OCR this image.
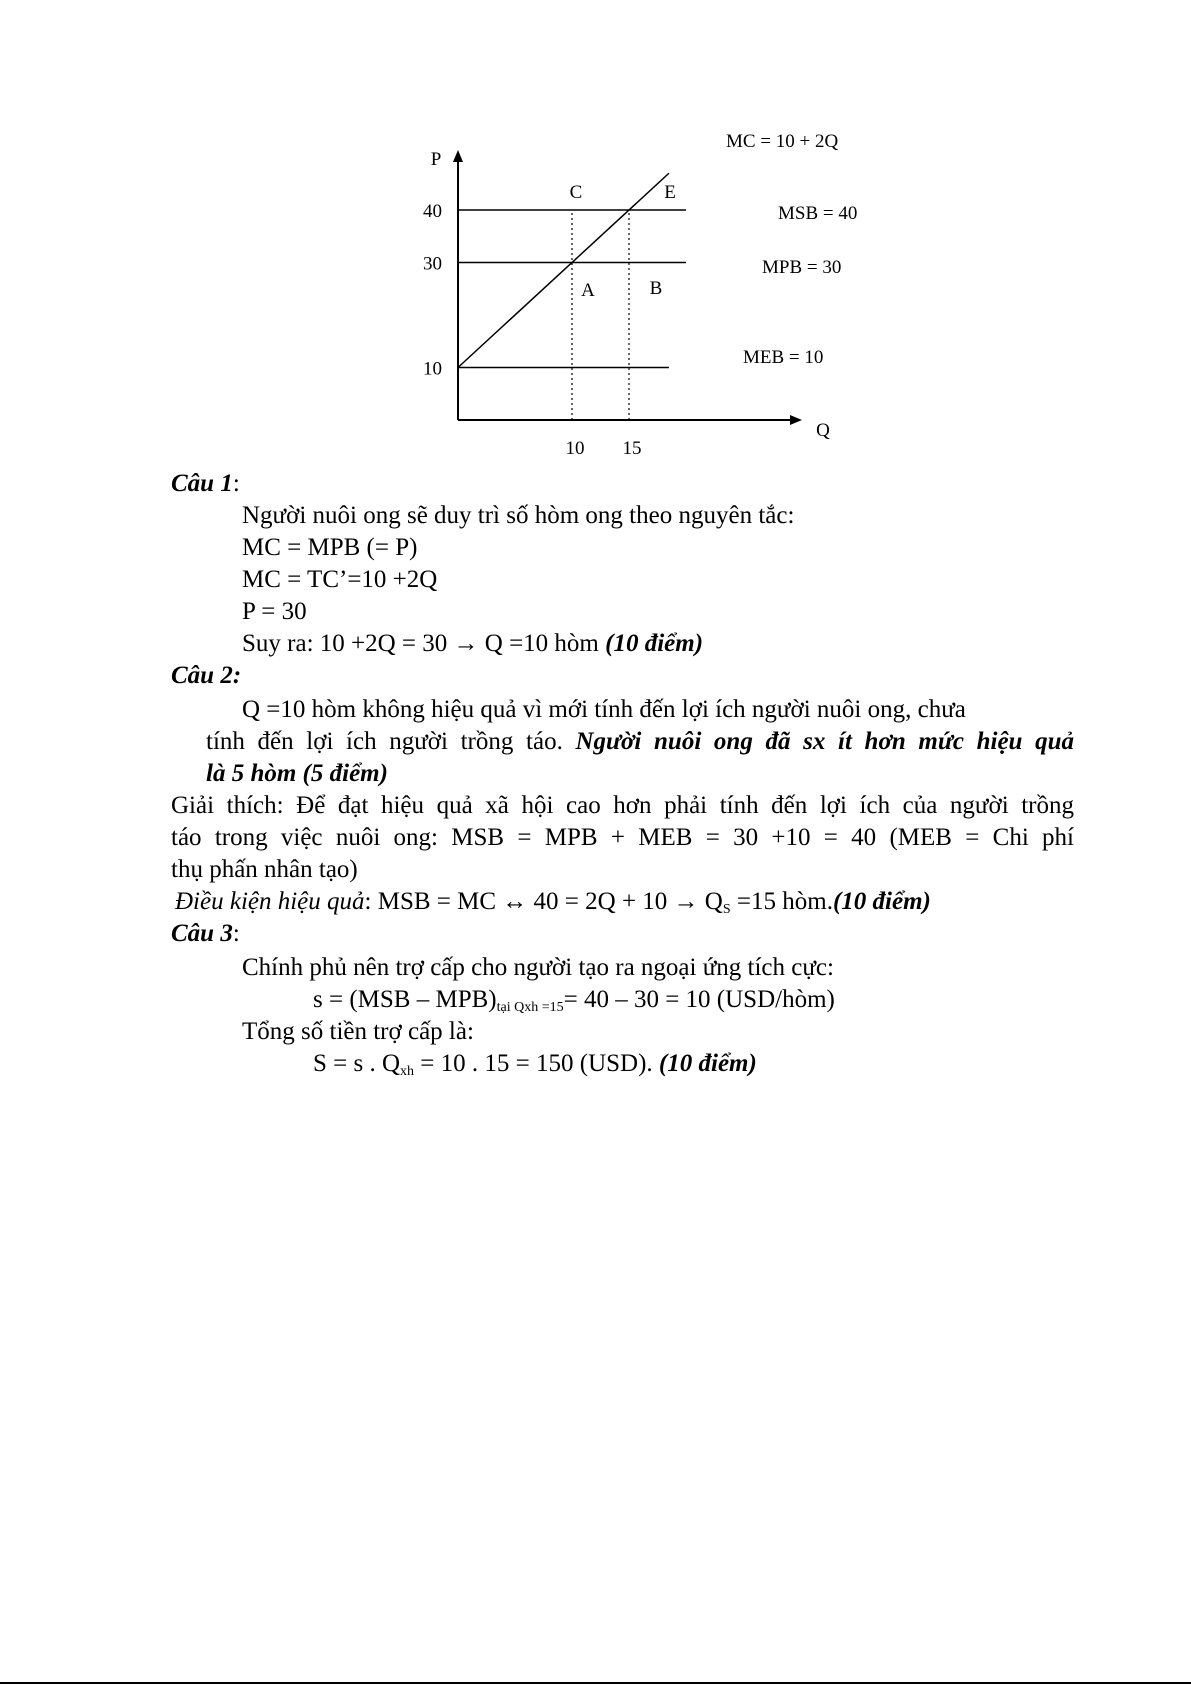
P
Q
40
30
10
10 15
MC = 10 + 2Q
MSB = 40
MPB = 30
MEB = 10
C	E
A	B
Câu 1:
Người nuôi ong sẽ duy trì số hòm ong theo nguyên tắc:
MC = MPB (= P)
MC = TC’=10 +2Q
P = 30
Suy ra: 10 +2Q = 30 → Q =10 hòm (10 điểm)
Câu 2:
Q =10 hòm không hiệu quả vì mới tính đến lợi ích người nuôi ong, chưa
tính đến lợi ích người trồng táo. Người nuôi ong đã sx ít hơn mức hiệu quả
là 5 hòm (5 điểm)
Giải thích: Để đạt hiệu quả xã hội cao hơn phải tính đến lợi ích của người trồng
táo trong việc nuôi ong: MSB = MPB + MEB = 30 +10 = 40 (MEB = Chi phí
thụ phấn nhân tạo)
Điều kiện hiệu quả: MSB = MC ↔ $40 = 2Q + 10 \to Q_S =15$ hòm.(10 điểm)
Câu 3:
Chính phủ nên trợ cấp cho người tạo ra ngoại ứng tích cực:
$s = (MSB - MPB)_{tại Qxh =15}= 40 - 30 = 10$ (USD/hòm)
Tổng số tiền trợ cấp là:
S = s . $Q_{xh} = 10$ . 15 = 150 (USD). (10 điểm)
